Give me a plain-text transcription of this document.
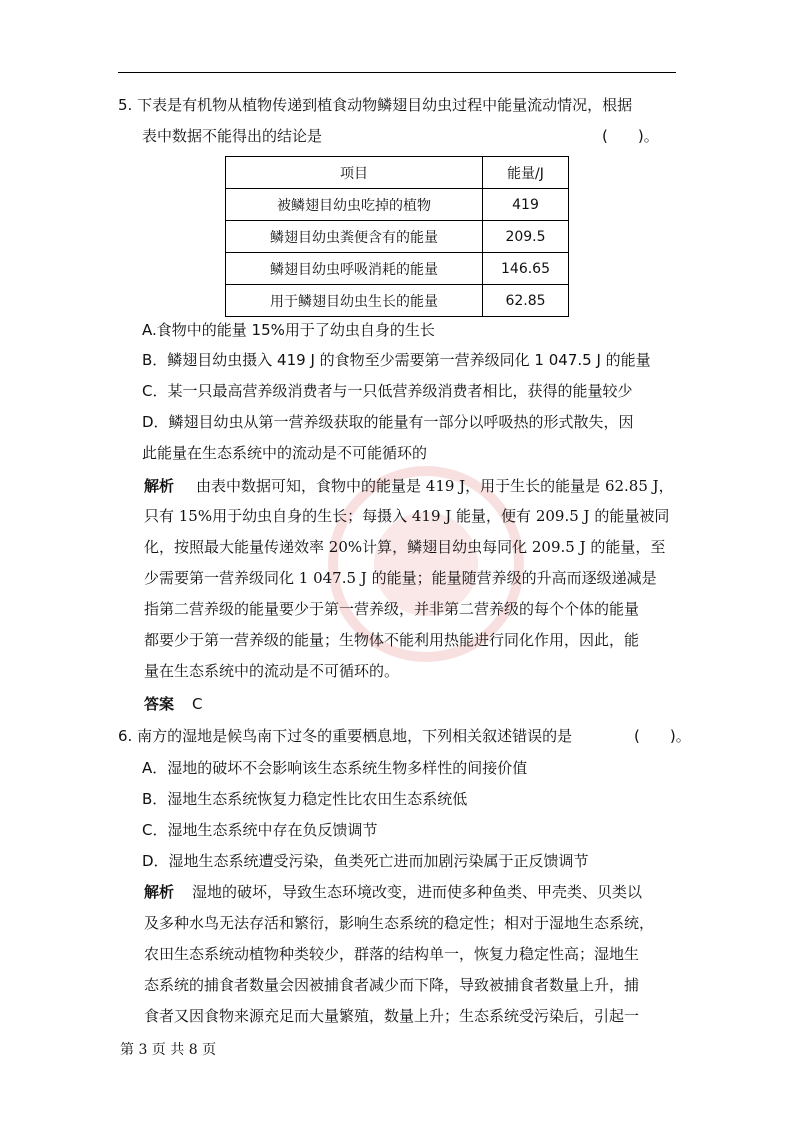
5. 下表是有机物从植物传递到植食动物鳞翅目幼虫过程中能量流动情况，根据
表中数据不能得出的结论是	(　　)。
项目	能量/J
被鳞翅目幼虫吃掉的植物	419
鳞翅目幼虫粪便含有的能量	209.5
鳞翅目幼虫呼吸消耗的能量	146.65
用于鳞翅目幼虫生长的能量	62.85
A.食物中的能量 15%用于了幼虫自身的生长
B．鳞翅目幼虫摄入 419 J 的食物至少需要第一营养级同化 1 047.5 J 的能量
C．某一只最高营养级消费者与一只低营养级消费者相比，获得的能量较少
D．鳞翅目幼虫从第一营养级获取的能量有一部分以呼吸热的形式散失，因
此能量在生态系统中的流动是不可能循环的
解析 由表中数据可知，食物中的能量是 419 J，用于生长的能量是 62.85 J，
只有 15%用于幼虫自身的生长；每摄入 419 J 能量，便有 209.5 J 的能量被同
化，按照最大能量传递效率 20%计算，鳞翅目幼虫每同化 209.5 J 的能量，至
少需要第一营养级同化 1 047.5 J 的能量；能量随营养级的升高而逐级递减是
指第二营养级的能量要少于第一营养级，并非第二营养级的每个个体的能量
都要少于第一营养级的能量；生物体不能利用热能进行同化作用，因此，能
量在生态系统中的流动是不可循环的。
答案 C
6. 南方的湿地是候鸟南下过冬的重要栖息地，下列相关叙述错误的是	(　　)。
A．湿地的破坏不会影响该生态系统生物多样性的间接价值
B．湿地生态系统恢复力稳定性比农田生态系统低
C．湿地生态系统中存在负反馈调节
D．湿地生态系统遭受污染，鱼类死亡进而加剧污染属于正反馈调节
解析 湿地的破坏，导致生态环境改变，进而使多种鱼类、甲壳类、贝类以
及多种水鸟无法存活和繁衍，影响生态系统的稳定性；相对于湿地生态系统，
农田生态系统动植物种类较少，群落的结构单一，恢复力稳定性高；湿地生
态系统的捕食者数量会因被捕食者减少而下降，导致被捕食者数量上升，捕
食者又因食物来源充足而大量繁殖，数量上升；生态系统受污染后，引起一
第 3 页 共 8 页
